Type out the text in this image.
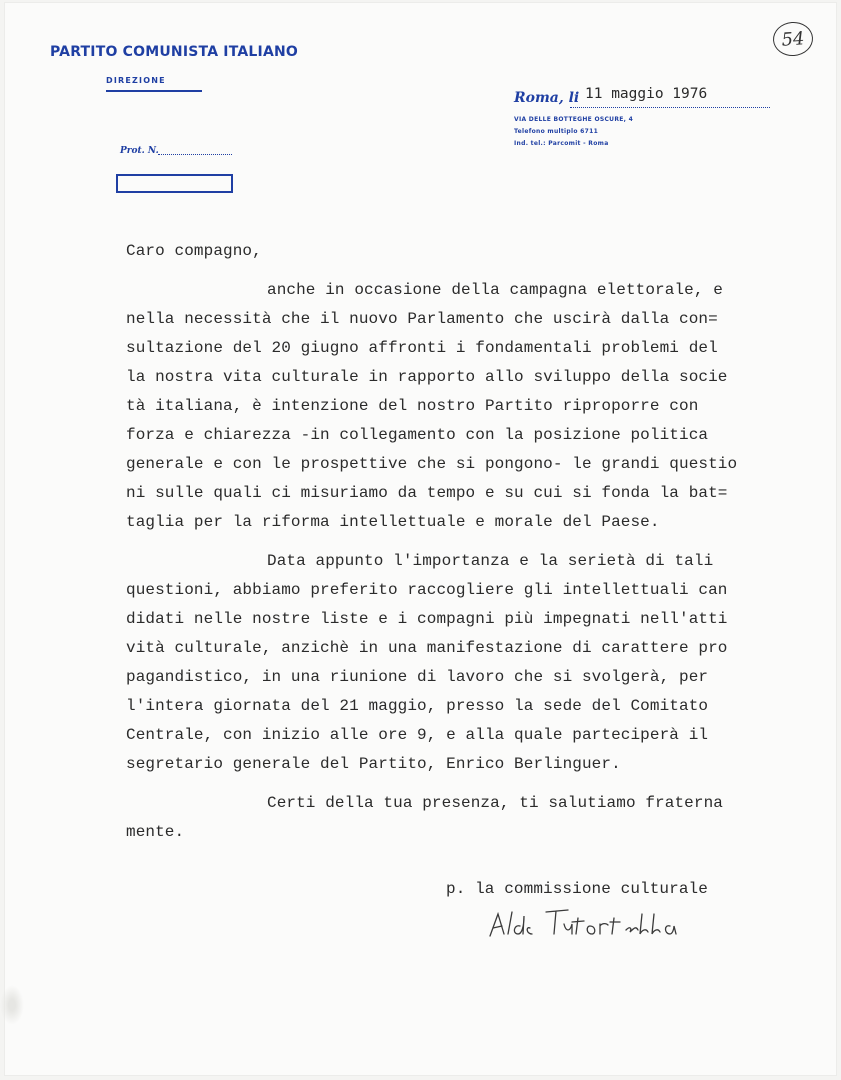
PARTITO COMUNISTA ITALIANO
DIREZIONE
Prot. N.
Roma, li 11 maggio 1976
VIA DELLE BOTTEGHE OSCURE, 4
Telefono multiplo 6711
Ind. tel.: Parcomit - Roma
54
Caro compagno,
anche in occasione della campagna elettorale, e
nella necessità che il nuovo Parlamento che uscirà dalla con=
sultazione del 20 giugno affronti i fondamentali problemi del
la nostra vita culturale in rapporto allo sviluppo della socie
tà italiana, è intenzione del nostro Partito riproporre con
forza e chiarezza -in collegamento con la posizione politica
generale e con le prospettive che si pongono- le grandi questio
ni sulle quali ci misuriamo da tempo e su cui si fonda la bat=
taglia per la riforma intellettuale e morale del Paese.
Data appunto l'importanza e la serietà di tali
questioni, abbiamo preferito raccogliere gli intellettuali can
didati nelle nostre liste e i compagni più impegnati nell'atti
vità culturale, anzichè in una manifestazione di carattere pro
pagandistico, in una riunione di lavoro che si svolgerà, per
l'intera giornata del 21 maggio, presso la sede del Comitato
Centrale, con inizio alle ore 9, e alla quale parteciperà il
segretario generale del Partito, Enrico Berlinguer.
Certi della tua presenza, ti salutiamo fraterna
mente.
p. la commissione culturale
